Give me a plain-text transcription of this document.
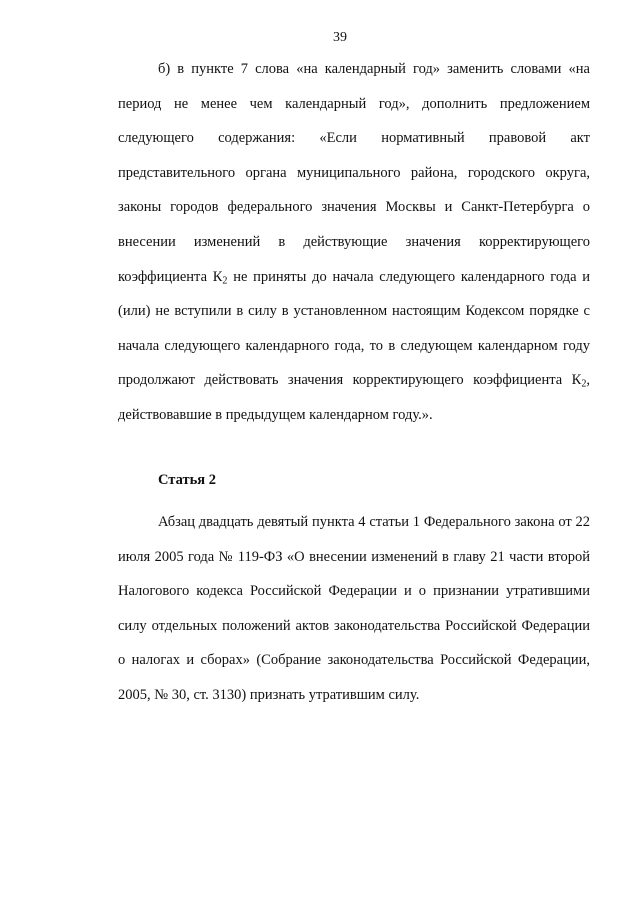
39

б) в пункте 7 слова «на календарный год» заменить словами «на период не менее чем календарный год», дополнить предложением следующего содержания: «Если нормативный правовой акт представительного органа муниципального района, городского округа, законы городов федерального значения Москвы и Санкт-Петербурга о внесении изменений в действующие значения корректирующего коэффициента $К_2$ не приняты до начала следующего календарного года и (или) не вступили в силу в установленном настоящим Кодексом порядке с начала следующего календарного года, то в следующем календарном году продолжают действовать значения корректирующего коэффициента $К_2$, действовавшие в предыдущем календарном году.».

Статья 2

Абзац двадцать девятый пункта 4 статьи 1 Федерального закона от 22 июля 2005 года № 119-ФЗ «О внесении изменений в главу 21 части второй Налогового кодекса Российской Федерации и о признании утратившими силу отдельных положений актов законодательства Российской Федерации о налогах и сборах» (Собрание законодательства Российской Федерации, 2005, № 30, ст. 3130) признать утратившим силу.
